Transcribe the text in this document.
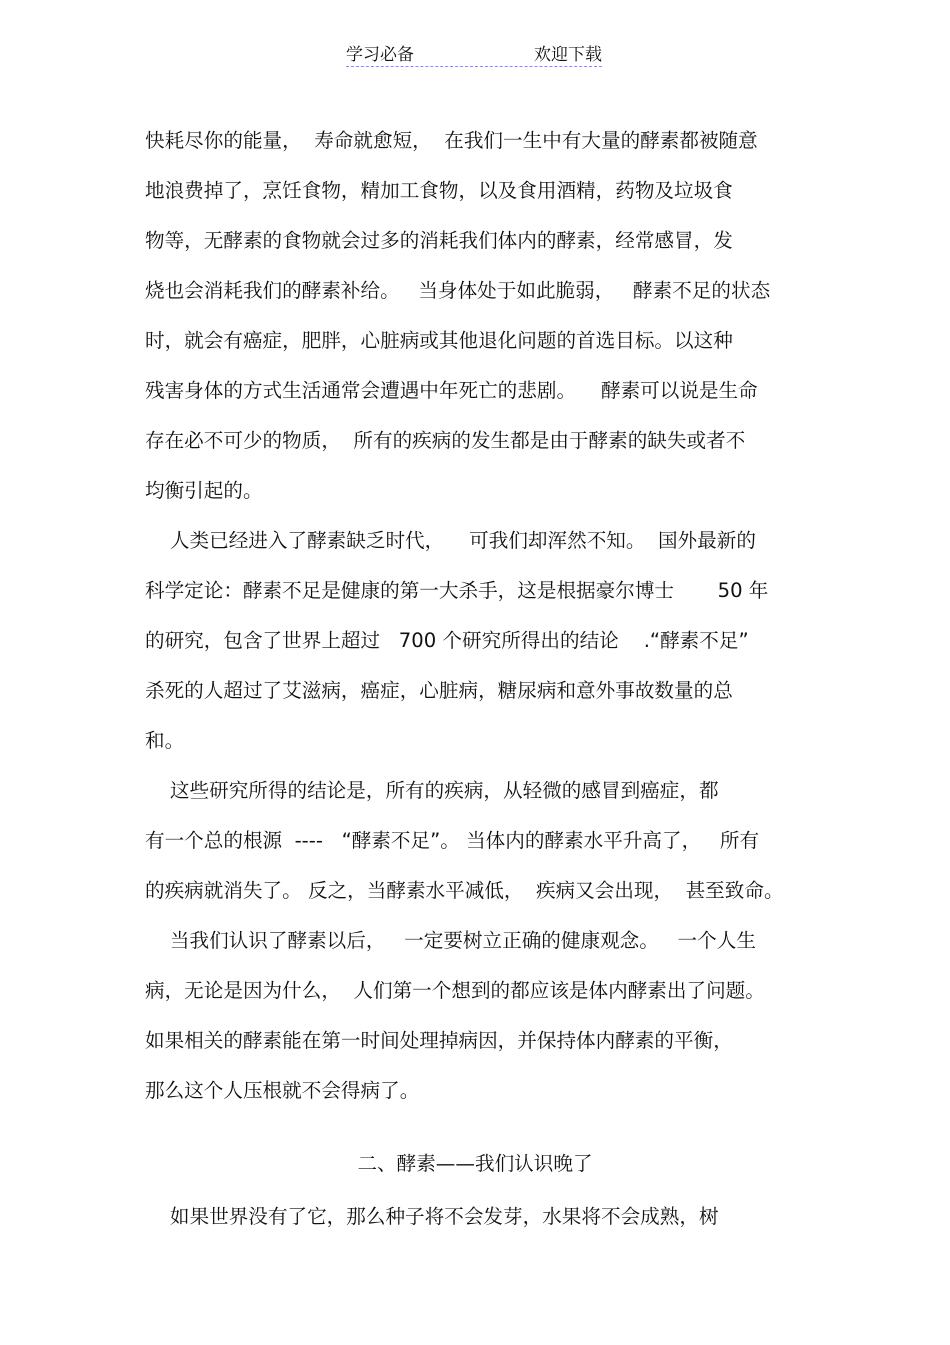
学习必备	欢迎下载
快耗尽你的能量，  寿命就愈短，  在我们一生中有大量的酵素都被随意
地浪费掉了，烹饪食物，精加工食物，以及食用酒精，药物及垃圾食
物等，无酵素的食物就会过多的消耗我们体内的酵素，经常感冒，发
烧也会消耗我们的酵素补给。   当身体处于如此脆弱，   酵素不足的状态
时，就会有癌症，肥胖，心脏病或其他退化问题的首选目标。以这种
残害身体的方式生活通常会遭遇中年死亡的悲剧。    酵素可以说是生命
存在必不可少的物质，  所有的疾病的发生都是由于酵素的缺失或者不
均衡引起的。
人类已经进入了酵素缺乏时代，    可我们却浑然不知。  国外最新的
科学定论：酵素不足是健康的第一大杀手，这是根据豪尔博士       50 年
的研究，包含了世界上超过   700 个研究所得出的结论    .“酵素不足”
杀死的人超过了艾滋病，癌症，心脏病，糖尿病和意外事故数量的总
和。
这些研究所得的结论是，所有的疾病，从轻微的感冒到癌症，都
有一个总的根源  ----   “酵素不足”。 当体内的酵素水平升高了，   所有
的疾病就消失了。 反之，当酵素水平减低，  疾病又会出现，  甚至致命。
当我们认识了酵素以后，   一定要树立正确的健康观念。   一个人生
病，无论是因为什么，  人们第一个想到的都应该是体内酵素出了问题。
如果相关的酵素能在第一时间处理掉病因，并保持体内酵素的平衡，
那么这个人压根就不会得病了。
二、酵素——我们认识晚了
如果世界没有了它，那么种子将不会发芽，水果将不会成熟，树
